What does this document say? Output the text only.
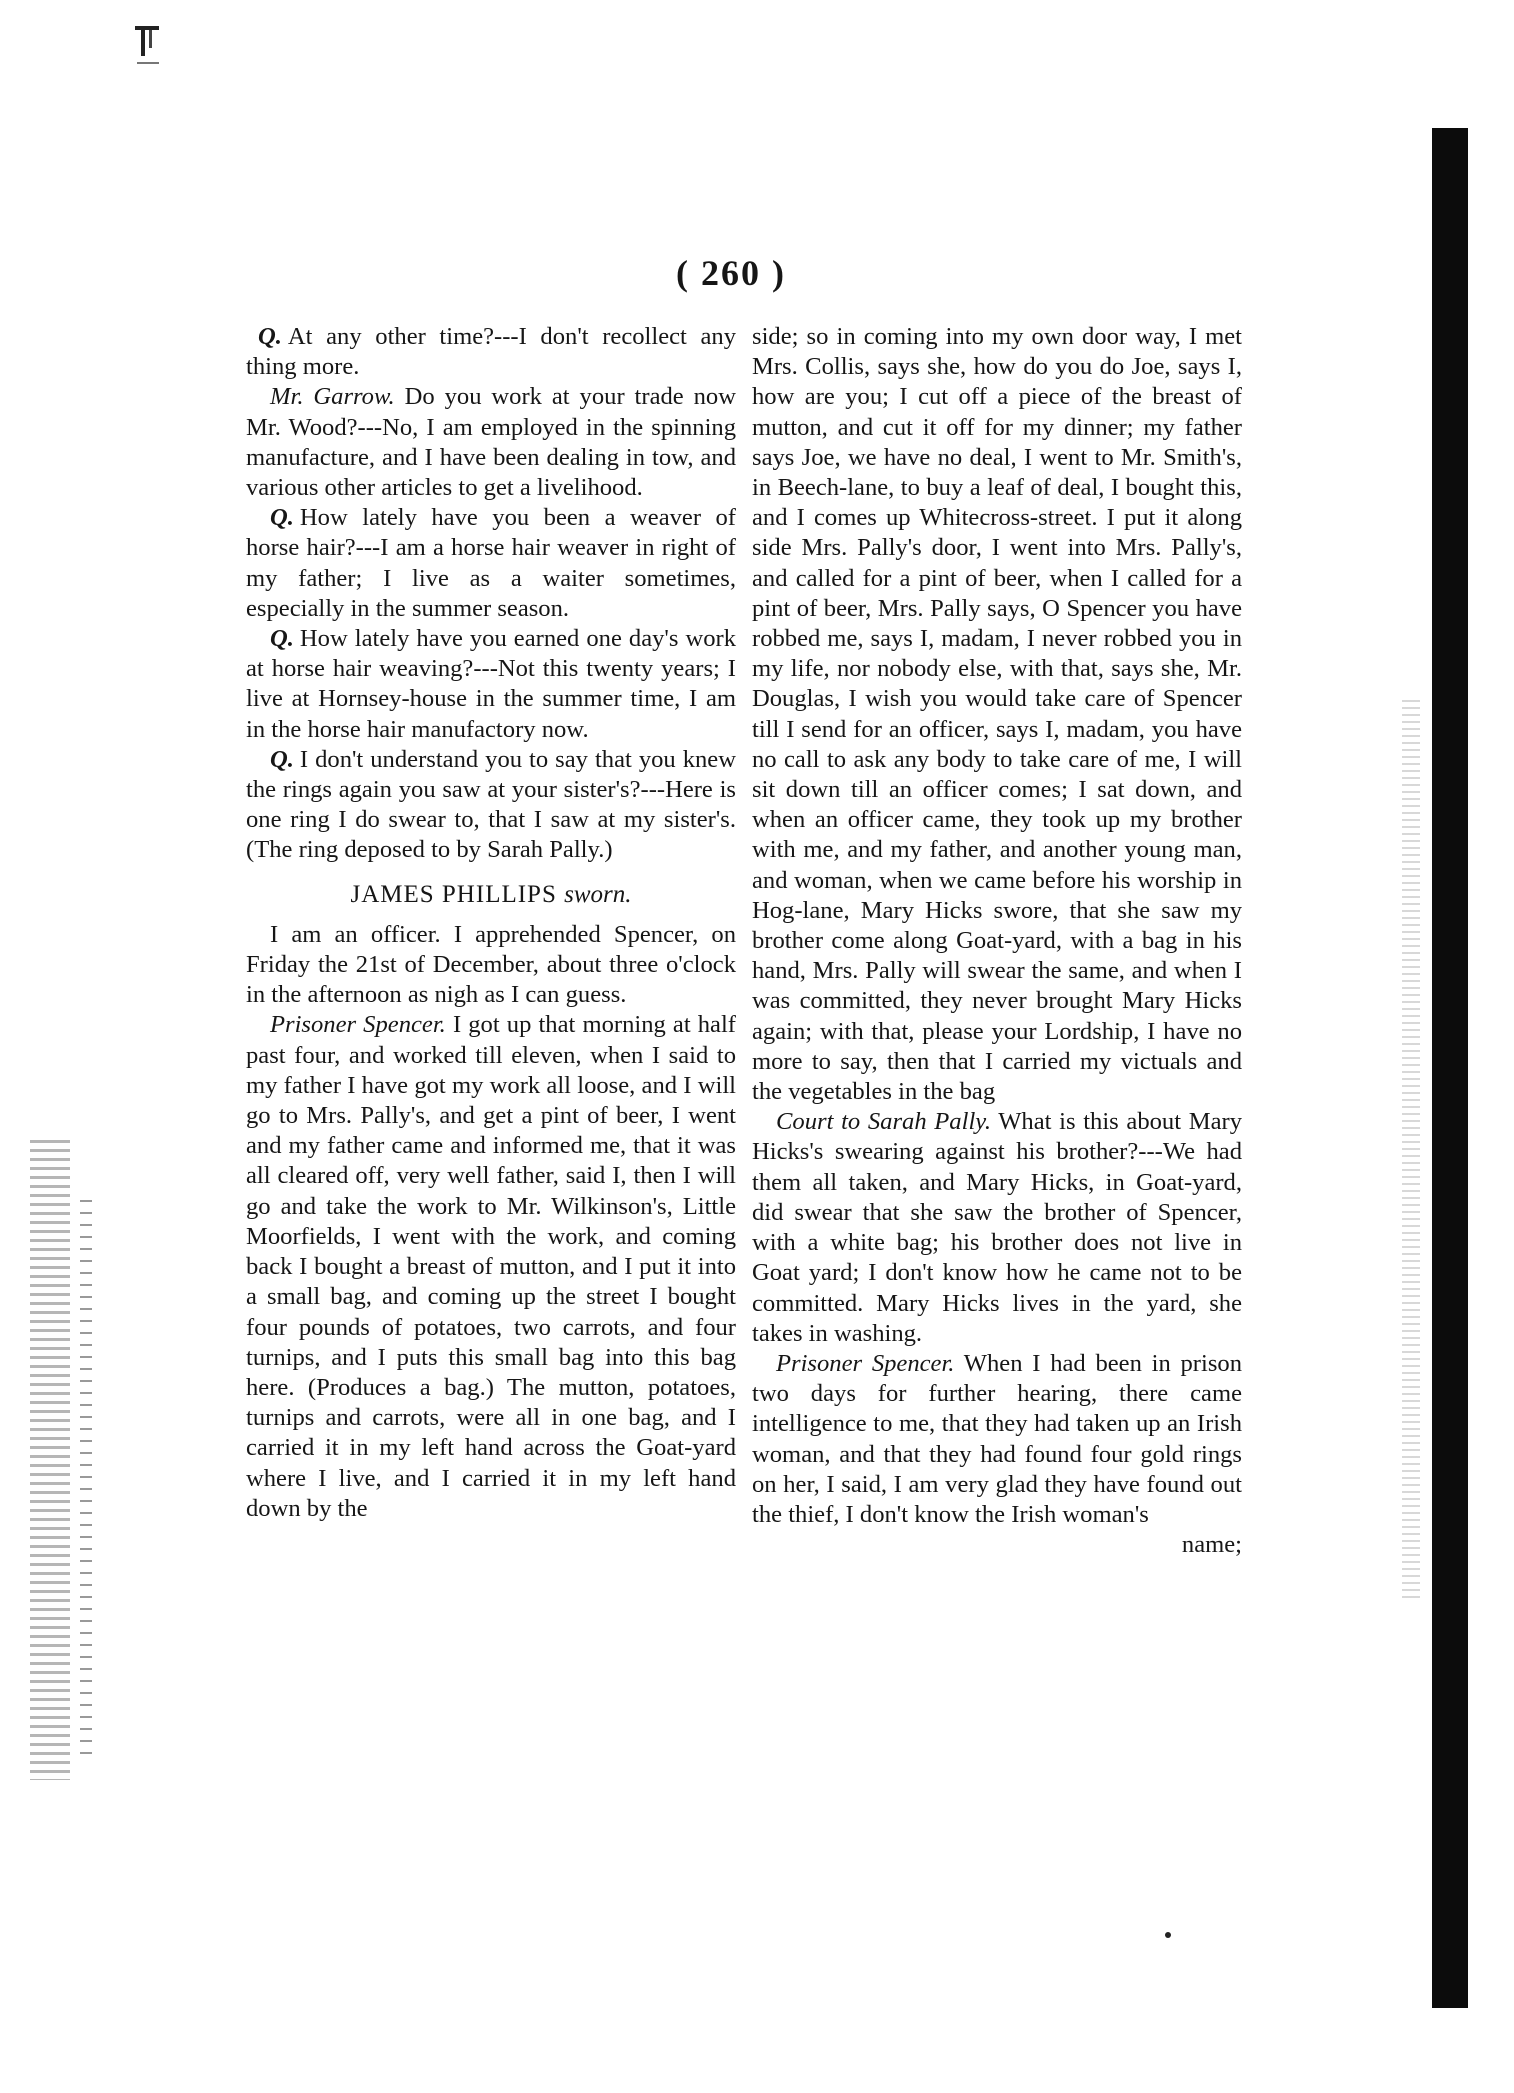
( 260 )

Q. At any other time?---I don't recollect any thing more.

Mr. Garrow. Do you work at your trade now Mr. Wood?---No, I am employed in the spinning manufacture, and I have been dealing in tow, and various other articles to get a livelihood.

Q. How lately have you been a weaver of horse hair?---I am a horse hair weaver in right of my father; I live as a waiter sometimes, especially in the summer season.

Q. How lately have you earned one day's work at horse hair weaving?---Not this twenty years; I live at Hornsey-house in the summer time, I am in the horse hair manufactory now.

Q. I don't understand you to say that you knew the rings again you saw at your sister's?---Here is one ring I do swear to, that I saw at my sister's. (The ring deposed to by Sarah Pally.)

JAMES PHILLIPS sworn.

I am an officer. I apprehended Spencer, on Friday the 21st of December, about three o'clock in the afternoon as nigh as I can guess.

Prisoner Spencer. I got up that morning at half past four, and worked till eleven, when I said to my father I have got my work all loose, and I will go to Mrs. Pally's, and get a pint of beer, I went and my father came and informed me, that it was all cleared off, very well father, said I, then I will go and take the work to Mr. Wilkinson's, Little Moorfields, I went with the work, and coming back I bought a breast of mutton, and I put it into a small bag, and coming up the street I bought four pounds of potatoes, two carrots, and four turnips, and I puts this small bag into this bag here. (Produces a bag.) The mutton, potatoes, turnips and carrots, were all in one bag, and I carried it in my left hand across the Goat-yard where I live, and I carried it in my left hand down by the

side; so in coming into my own door way, I met Mrs. Collis, says she, how do you do Joe, says I, how are you; I cut off a piece of the breast of mutton, and cut it off for my dinner; my father says Joe, we have no deal, I went to Mr. Smith's, in Beech-lane, to buy a leaf of deal, I bought this, and I comes up Whitecross-street. I put it along side Mrs. Pally's door, I went into Mrs. Pally's, and called for a pint of beer, when I called for a pint of beer, Mrs. Pally says, O Spencer you have robbed me, says I, madam, I never robbed you in my life, nor nobody else, with that, says she, Mr. Douglas, I wish you would take care of Spencer till I send for an officer, says I, madam, you have no call to ask any body to take care of me, I will sit down till an officer comes; I sat down, and when an officer came, they took up my brother with me, and my father, and another young man, and woman, when we came before his worship in Hog-lane, Mary Hicks swore, that she saw my brother come along Goat-yard, with a bag in his hand, Mrs. Pally will swear the same, and when I was committed, they never brought Mary Hicks again; with that, please your Lordship, I have no more to say, then that I carried my victuals and the vegetables in the bag

Court to Sarah Pally. What is this about Mary Hicks's swearing against his brother?---We had them all taken, and Mary Hicks, in Goat-yard, did swear that she saw the brother of Spencer, with a white bag; his brother does not live in Goat yard; I don't know how he came not to be committed. Mary Hicks lives in the yard, she takes in washing.

Prisoner Spencer. When I had been in prison two days for further hearing, there came intelligence to me, that they had taken up an Irish woman, and that they had found four gold rings on her, I said, I am very glad they have found out the thief, I don't know the Irish woman's

name;
